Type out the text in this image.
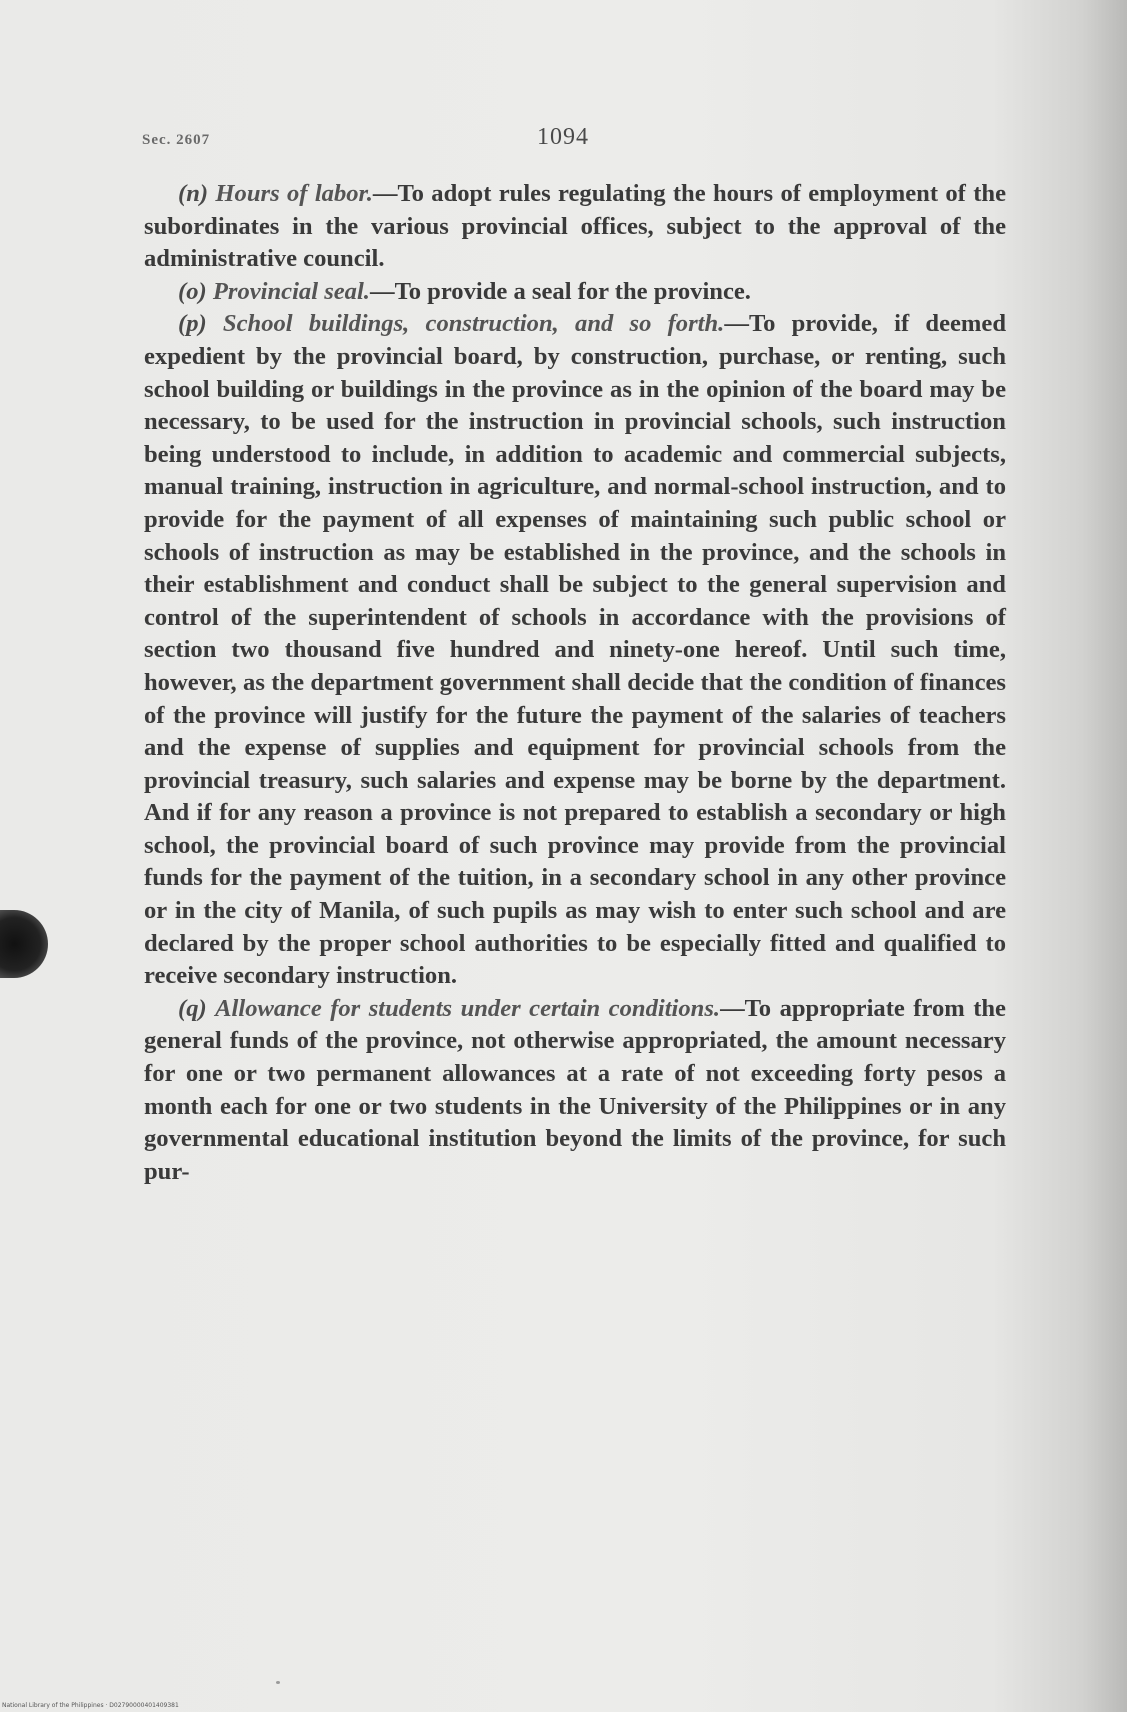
Sec. 2607	1094

(n) Hours of labor.—To adopt rules regulating the hours of employment of the subordinates in the various provincial offices, subject to the approval of the administrative council.

(o) Provincial seal.—To provide a seal for the province.

(p) School buildings, construction, and so forth.—To provide, if deemed expedient by the provincial board, by construction, purchase, or renting, such school building or buildings in the province as in the opinion of the board may be necessary, to be used for the instruction in provincial schools, such instruction being understood to include, in addition to academic and commercial subjects, manual training, instruction in agriculture, and normal-school instruction, and to provide for the payment of all expenses of maintaining such public school or schools of instruction as may be established in the province, and the schools in their establishment and conduct shall be subject to the general supervision and control of the superintendent of schools in accordance with the provisions of section two thousand five hundred and ninety-one hereof. Until such time, however, as the department government shall decide that the condition of finances of the province will justify for the future the payment of the salaries of teachers and the expense of supplies and equipment for provincial schools from the provincial treasury, such salaries and expense may be borne by the department. And if for any reason a province is not prepared to establish a secondary or high school, the provincial board of such province may provide from the provincial funds for the payment of the tuition, in a secondary school in any other province or in the city of Manila, of such pupils as may wish to enter such school and are declared by the proper school authorities to be especially fitted and qualified to receive secondary instruction.

(q) Allowance for students under certain conditions.—To appropriate from the general funds of the province, not otherwise appropriated, the amount necessary for one or two permanent allowances at a rate of not exceeding forty pesos a month each for one or two students in the University of the Philippines or in any governmental educational institution beyond the limits of the province, for such pur-

National Library of the Philippines · D02790000401409381
